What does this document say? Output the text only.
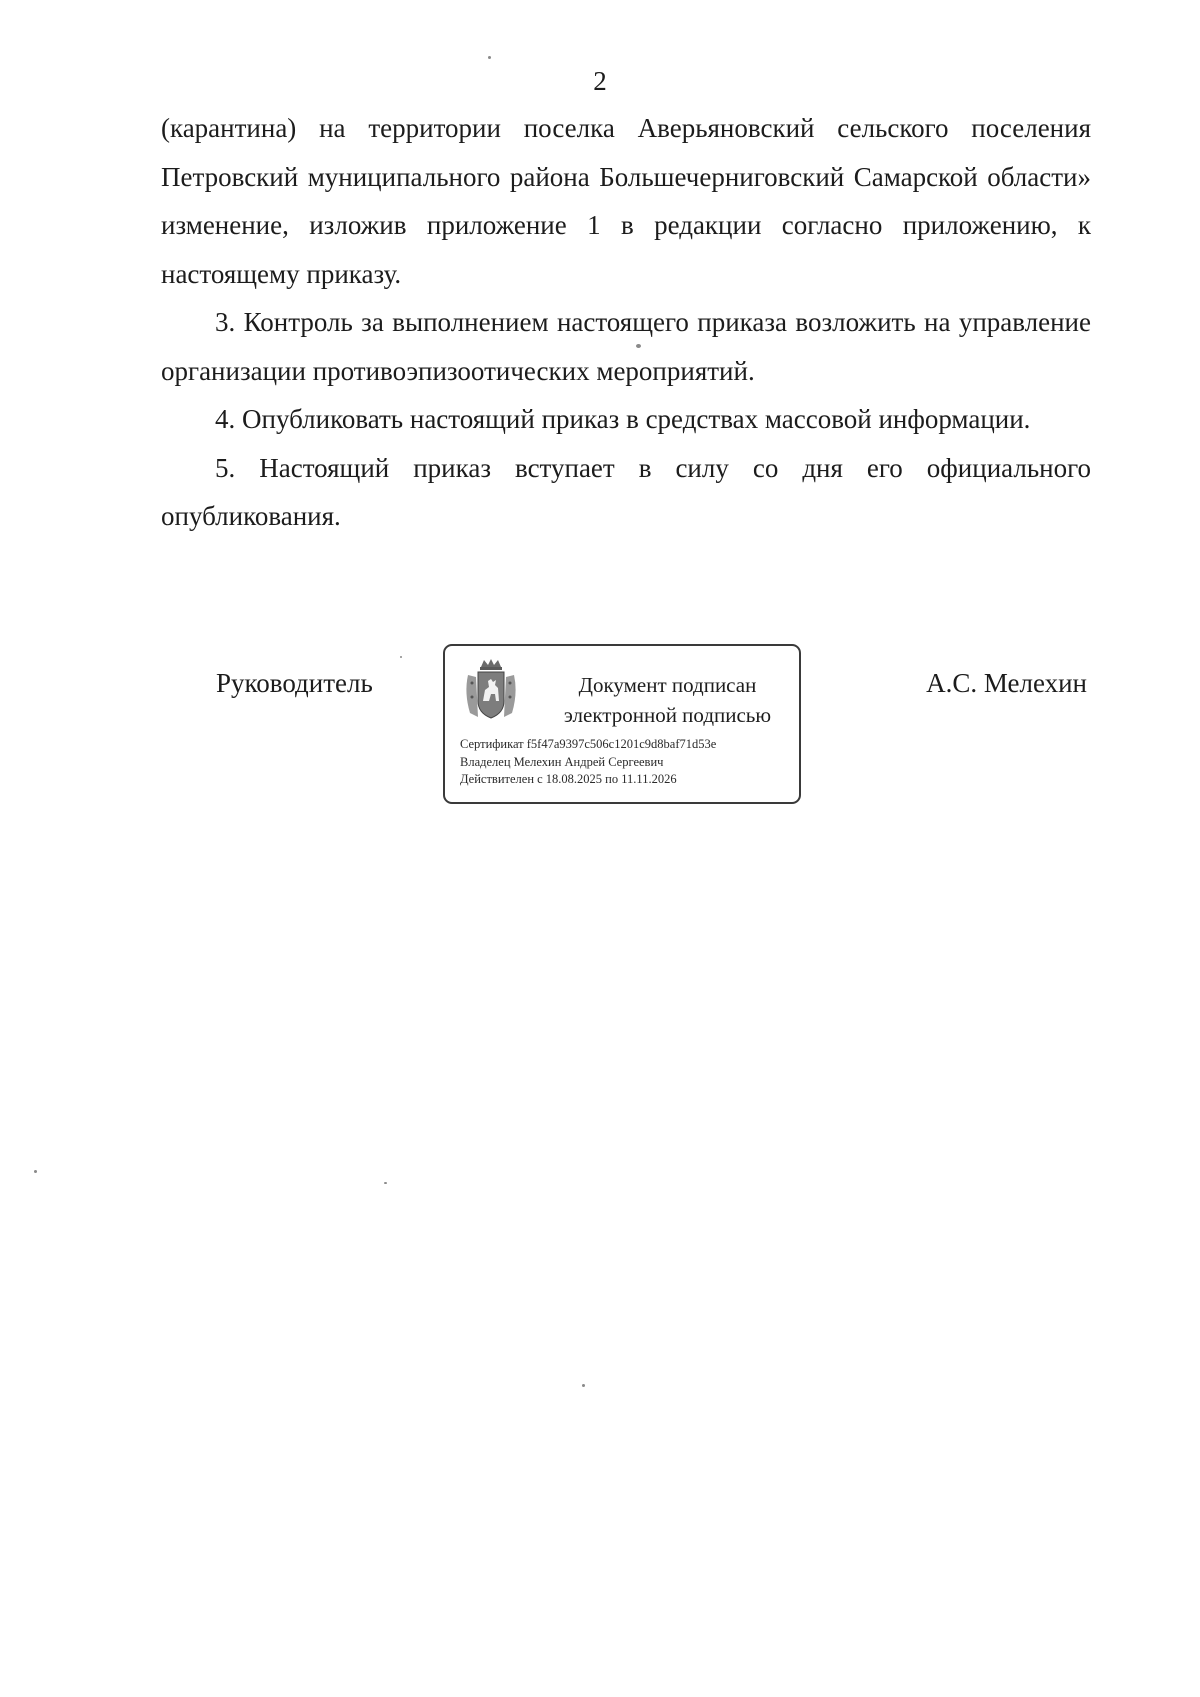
2

(карантина) на территории поселка Аверьяновский сельского поселения Петровский муниципального района Большечерниговский Самарской области» изменение, изложив приложение 1 в редакции согласно приложению, к настоящему приказу.

3. Контроль за выполнением настоящего приказа возложить на управление организации противоэпизоотических мероприятий.

4. Опубликовать настоящий приказ в средствах массовой информации.

5. Настоящий приказ вступает в силу со дня его официального опубликования.

Руководитель	Документ подписан
электронной подписью
Сертификат f5f47a9397c506c1201c9d8baf71d53e
Владелец Мелехин Андрей Сергеевич
Действителен с 18.08.2025 по 11.11.2026
А.С. Мелехин
